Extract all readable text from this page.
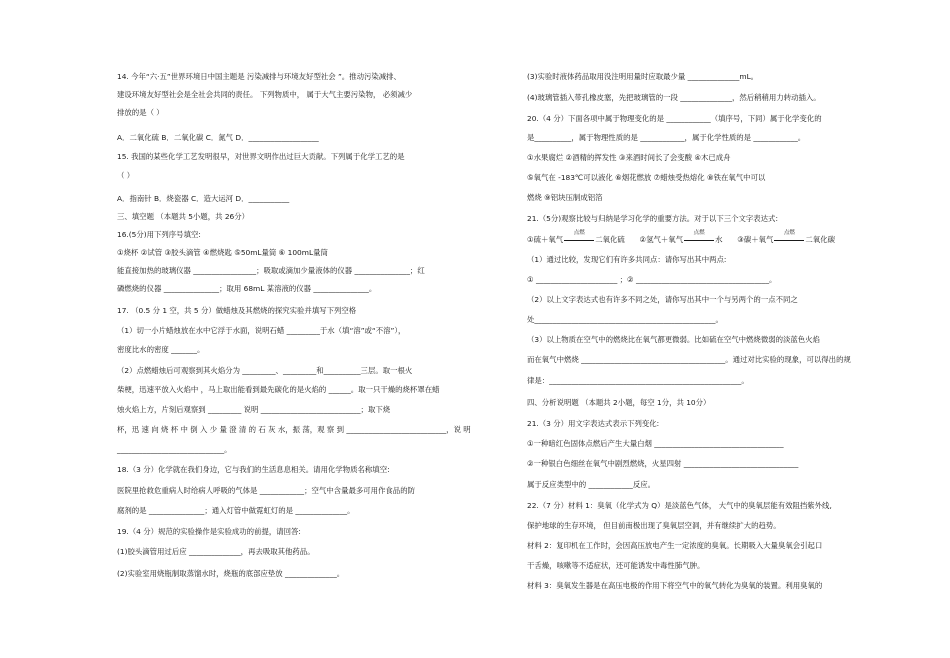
14. 今年“六·五”世界环境日中国主题是 污染减排与环境友好型社会 ”。推动污染减排、
建设环境友好型社会是全社会共同的责任。 下列物质中， 属于大气主要污染物， 必须减少
排放的是（ ）
A．二氧化硫 B．二氧化碳 C．氮气 D．___________________
15. 我国的某些化学工艺发明很早，对世界文明作出过巨大贡献。下列属于化学工艺的是
（ ）
A．指南针 B．烧瓷器 C．造大运河 D．___________
三、填空题 （本题共 5小题，共 26分）
16.(5分)用下列序号填空:
①烧杯 ②试管 ③胶头滴管 ④燃烧匙 ⑤50mL量筒 ⑥ 100mL量筒
能直接加热的玻璃仪器 _________________；吸取或滴加少量液体的仪器 _______________；红
磷燃烧的仪器 _______________；取用 68mL 某溶液的仪器 _______________。
17. （0.5 分 1 空，共 5 分）做蜡烛及其燃烧的探究实验并填写下列空格
（1）切一小片蜡烛放在水中它浮于水面，说明石蜡 _________于水（填“溶”或“不溶”），
密度比水的密度 _______。
（2）点燃蜡烛后可观察到其火焰分为 _________、_________和__________三层。取一根火
柴梗，迅速平放入火焰中 ，马上取出能看到最先碳化的是火焰的 ______。取一只干燥的烧杯罩在蜡
烛火焰上方，片刻后观察到 _________ 说明 ___________________________；取下烧
杯，迅 速 向 烧 杯 中 倒 入 少 量 澄 清 的 石 灰 水，振 荡，观 察 到 ___________________________，说 明
_____________________________。
18.（3 分）化学就在我们身边，它与我们的生活息息相关。请用化学物质名称填空:
医院里抢救危重病人时给病人呼吸的气体是 ____________；空气中含量最多可用作食品的防
腐剂的是 _______________；通入灯管中做霓虹灯的是 ______________。
19.（4 分）规范的实验操作是实验成功的前提，请回答:
(1)胶头滴管用过后应 ______________，再去吸取其他药品。
(2)实验室用烧瓶制取蒸馏水时，烧瓶的底部应垫放 ______________。
(3)实验时液体药品取用没注明用量时应取最少量 ______________mL。
(4)玻璃管插入带孔橡皮塞，先把玻璃管的一段 ______________，然后稍稍用力转动插入。
20.（4 分）下面各项中属于物理变化的是 ____________（填序号，下同）属于化学变化的
是__________，属于物理性质的是 ____________，属于化学性质的是 ____________。
①水果腐烂 ②酒精的挥发性 ③来酒时间长了会变酸 ④木已成舟
⑤氧气在 -183℃可以液化 ⑥烟花燃放 ⑦蜡烛受热熔化 ⑧铁在氧气中可以
燃烧 ⑨铝块压制成铝箔
21.（5分)观察比较与归纳是学习化学的重要方法。对于以下三个文字表达式:
①硫＋氧气
点燃
二氧化硫 ②氢气＋氧气
点燃
水 ③碳＋氧气
点燃
二氧化碳
（1）通过比较，发现它们有许多共同点：请你写出其中两点:
① ______________________ ；② ____________________________________。
（2）以上文字表达式也有许多不同之处，请你写出其中一个与另两个的一点不同之
处_________________________________________________。
（3）以上物质在空气中的燃烧比在氧气都更微弱。比如硫在空气中燃烧微弱的淡蓝色火焰
而在氧气中燃烧 _______________________________________。通过对比实验的现象，可以得出的规
律是：____________________________________________________。
四、分析说明题 （本题共 2小题，每空 1分，共 10分）
21.（3 分）用文字表达式表示下列变化:
①一种暗红色固体点燃后产生大量白烟 ___________________________________
②一种银白色细丝在氧气中剧烈燃烧，火星四射 _______________________________
属于反应类型中的 ____________反应。
22.（7 分）材料 1：臭氧（化学式为 Q）是淡蓝色气体， 大气中的臭氧层能有效阻挡紫外线,
保护地球的生存环境， 但目前南极出现了臭氧层空洞，并有继续扩大的趋势。
材料 2：复印机在工作时，会因高压放电产生一定浓度的臭氧。长期吸入大量臭氧会引起口
干舌燥，咳嗽等不适症状，还可能诱发中毒性肺气肿。
材料 3：臭氧发生器是在高压电极的作用下将空气中的氧气转化为臭氧的装置。利用臭氧的
